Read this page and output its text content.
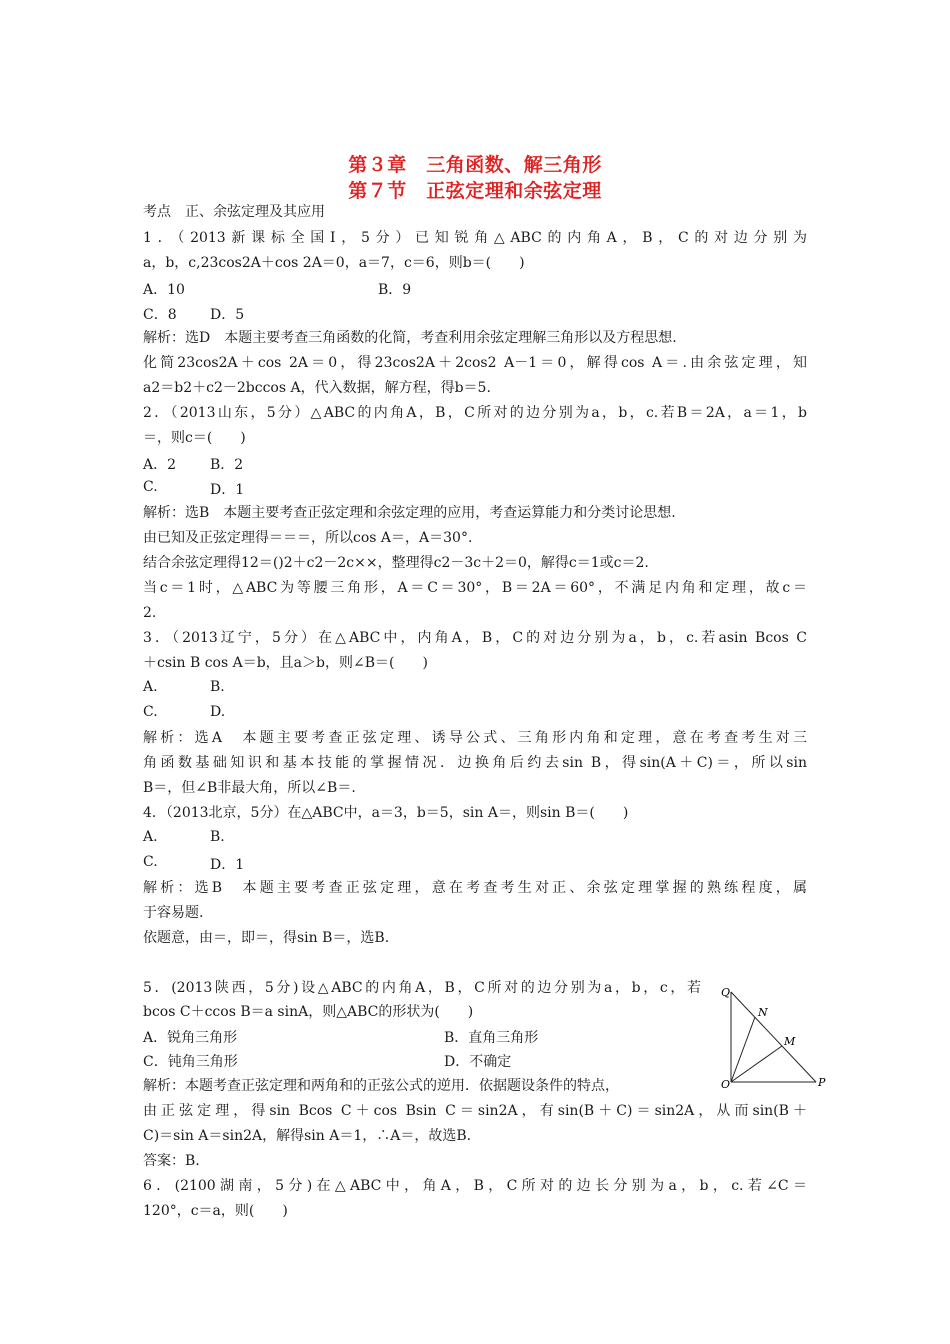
第３章　三角函数、解三角形
第７节　正弦定理和余弦定理
考点　正、余弦定理及其应用
1．（2013新课标全国Ⅰ，5分）已知锐角△ABC的内角A，B，C的对边分别为
a，b，c,23cos2A＋cos 2A＝0，a＝7，c＝6，则b＝(　　)
A．10	B．9
C．8 D．5
解析：选D　本题主要考查三角函数的化简，考查利用余弦定理解三角形以及方程思想.
化简23cos2A＋cos 2A＝0，得23cos2A＋2cos2 A－1＝0，解得cos A＝.由余弦定理，知
a2＝b2＋c2－2bccos A，代入数据，解方程，得b＝5.
2．（2013山东，5分）△ABC的内角A，B，C所对的边分别为a，b，c.若B＝2A，a＝1，b
＝，则c＝(　　)
A．2 B．2
C.	D．1
解析：选B　本题主要考查正弦定理和余弦定理的应用，考查运算能力和分类讨论思想.
由已知及正弦定理得＝＝＝，所以cos A＝，A＝30°.
结合余弦定理得12＝()2＋c2－2c××，整理得c2－3c＋2＝0，解得c＝1或c＝2.
当c＝1时，△ABC为等腰三角形，A＝C＝30°，B＝2A＝60°，不满足内角和定理，故c＝
2.
3．（2013辽宁，5分）在△ABC中，内角A，B，C的对边分别为a，b，c.若asin Bcos C
＋csin B cos A＝b，且a＞b，则∠B＝(　　)
A.	B.
C.	D.
解析：选A　本题主要考查正弦定理、诱导公式、三角形内角和定理，意在考查考生对三
角函数基础知识和基本技能的掌握情况．边换角后约去sin B，得sin(A＋C)＝，所以sin
B＝，但∠B非最大角，所以∠B＝.
4．（2013北京，5分）在△ABC中，a＝3，b＝5，sin A＝，则sin B＝(　　)
A.	B.
C.	D．1
解析：选B　本题主要考查正弦定理，意在考查考生对正、余弦定理掌握的熟练程度，属
于容易题.
依题意，由＝，即＝，得sin B＝，选B.
5．(2013陕西，5分)设△ABC的内角A，B，C所对的边分别为a，b，c，若
bcos C＋ccos B＝a sinA，则△ABC的形状为(　　)
A．锐角三角形	B．直角三角形
C．钝角三角形	D．不确定
解析：本题考查正弦定理和两角和的正弦公式的逆用．依据题设条件的特点，
由正弦定理，得sin Bcos C＋cos Bsin C＝sin2A，有sin(B＋C)＝sin2A，从而sin(B＋
C)＝sin A＝sin2A，解得sin A＝1，∴A＝，故选B.
答案：B.
6．(2100湖南，5分)在△ABC中，角A，B，C所对的边长分别为a，b，c.若∠C＝
120°，c＝a，则(　　)
Q
N
M
O	P
